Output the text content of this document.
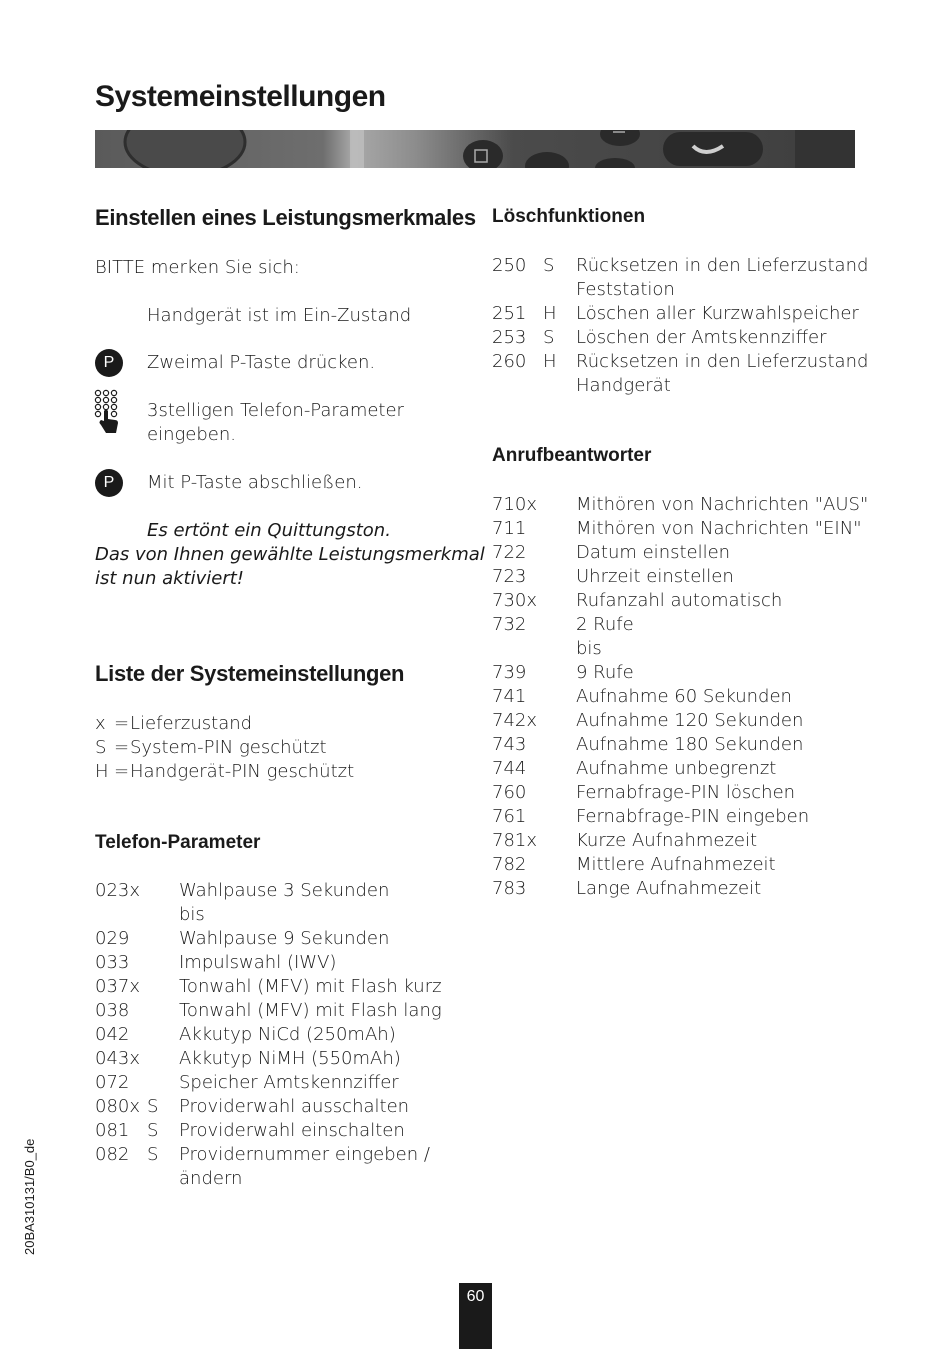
Systemeinstellungen
Einstellen eines Leistungsmerkmales
BITTE merken Sie sich:
Handgerät ist im Ein-Zustand
P	Zweimal P-Taste drücken.
3stelligen Telefon-Parameter
eingeben.
P	Mit P-Taste abschließen.
Es ertönt ein Quittungston.
Das von Ihnen gewählte Leistungsmerkmal
ist nun aktiviert!
Liste der Systemeinstellungen
x = Lieferzustand
S = System-PIN geschützt
H = Handgerät-PIN geschützt
Telefon-Parameter
023x Wahlpause 3 Sekunden
bis
029	Wahlpause 9 Sekunden
033	Impulswahl (IWV)
037x Tonwahl (MFV) mit Flash kurz
038	Tonwahl (MFV) mit Flash lang
042	Akkutyp NiCd (250mAh)
043x Akkutyp NiMH (550mAh)
072	Speicher Amtskennziffer
080x S Providerwahl ausschalten
081 S Providerwahl einschalten
082 S Providernummer eingeben /
ändern
Löschfunktionen
250 S Rücksetzen in den Lieferzustand
Feststation
251 H Löschen aller Kurzwahlspeicher
253 S Löschen der Amtskennziffer
260 H Rücksetzen in den Lieferzustand
Handgerät
Anrufbeantworter
710x Mithören von Nachrichten "AUS"
711	Mithören von Nachrichten "EIN"
722	Datum einstellen
723	Uhrzeit einstellen
730x Rufanzahl automatisch
732	2 Rufe
bis
739	9 Rufe
741	Aufnahme 60 Sekunden
742x Aufnahme 120 Sekunden
743	Aufnahme 180 Sekunden
744	Aufnahme unbegrenzt
760	Fernabfrage-PIN löschen
761	Fernabfrage-PIN eingeben
781x Kurze Aufnahmezeit
782	Mittlere Aufnahmezeit
783	Lange Aufnahmezeit
20BA310131/B0_de
60
